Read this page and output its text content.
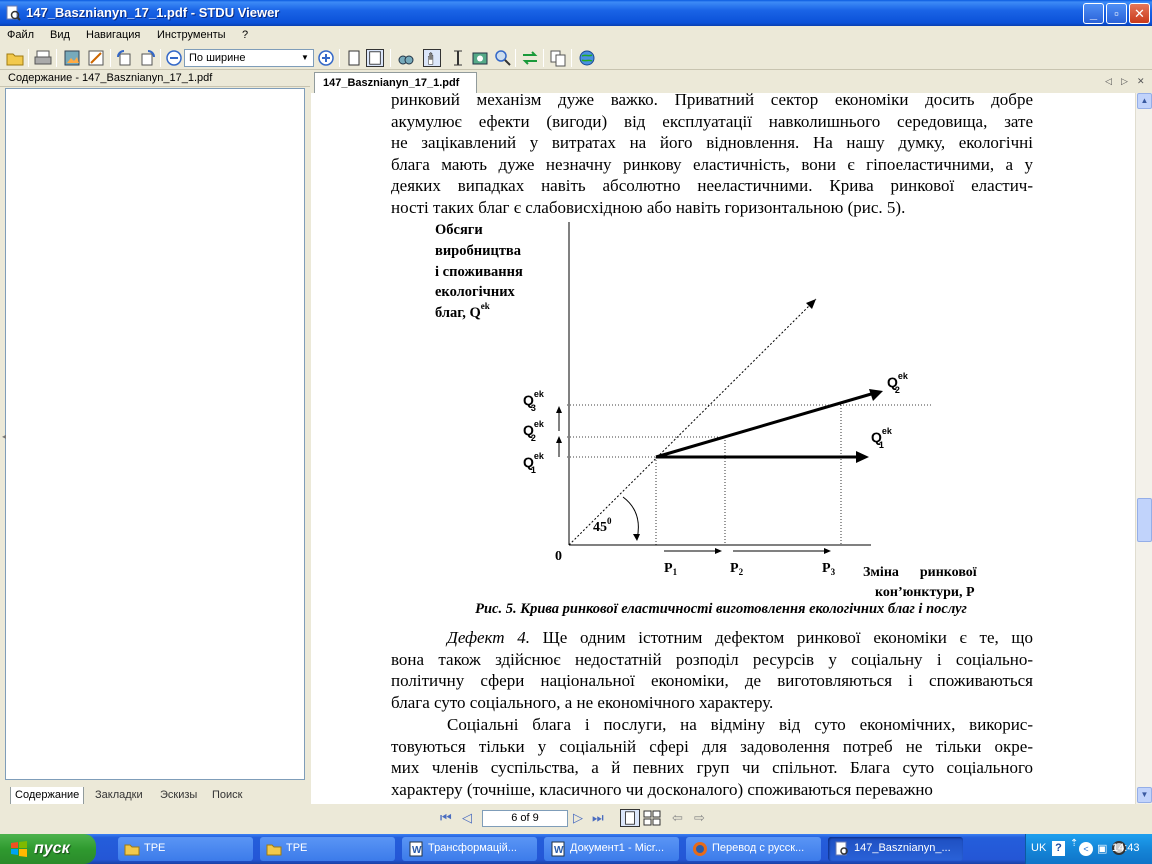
147_Basznianyn_17_1.pdf - STDU Viewer	_	▫	✕
Файл Вид Навигация Инструменты ?
По ширине	▼
Содержание - 147_Basznianyn_17_1.pdf
Содержание	Закладки	Эскизы	Поиск
◂
147_Basznianyn_17_1.pdf	◁ ▷ ✕
ринковий механізм дуже важко. Приватний сектор економіки досить добре
акумулює ефекти (вигоди) від експлуатації навколишнього середовища, зате
не зацікавлений у витратах на його відновлення. На нашу думку, екологічні
блага мають дуже незначну ринкову еластичність, вони є гіпоеластичними, а у
деяких випадках навіть абсолютно нееластичними. Крива ринкової еластич-
ності таких благ є слабовисхідною або навіть горизонтальною (рис. 5).
Обсяги
виробництва
і споживання
екологічних
благ, $Q^{ek}$
0
$45^0$
$Q^{ek}$ 3
$Q^{ek}$ 2
$Q^{ek}$ 1
$Q^{ek}$ 2
$Q^{ek}$ 1
$P_1$	$P_2$	$P_3$ Зміна      ринкової
кон’юнктури, P
Рис. 5. Крива ринкової еластичності виготовлення екологічних благ і послуг
Дефект 4. Ще одним істотним дефектом ринкової економіки є те, що
вона також здійснює недостатній розподіл ресурсів у соціальну і соціально-
політичну сфери національної економіки, де виготовляються і споживаються
блага суто соціального, а не економічного характеру.
Соціальні блага і послуги, на відміну від суто економічних, викорис-
товуються тільки у соціальній сфері для задоволення потреб не тільки окре-
мих членів суспільства, а й певних груп чи спільнот. Блага суто соціального
характеру (точніше, класичного чи досконалого) споживаються переважно
▲
▼
⏮ ◁	6 of 9	▷ ⏭	⇦ ⇨
пуск	TPE	TPE	W Трансформацій...	W Документ1 - Micr...	Перевод с русск...	147_Basznianyn_...	UK ? ⇡ < ▣ 14:43
